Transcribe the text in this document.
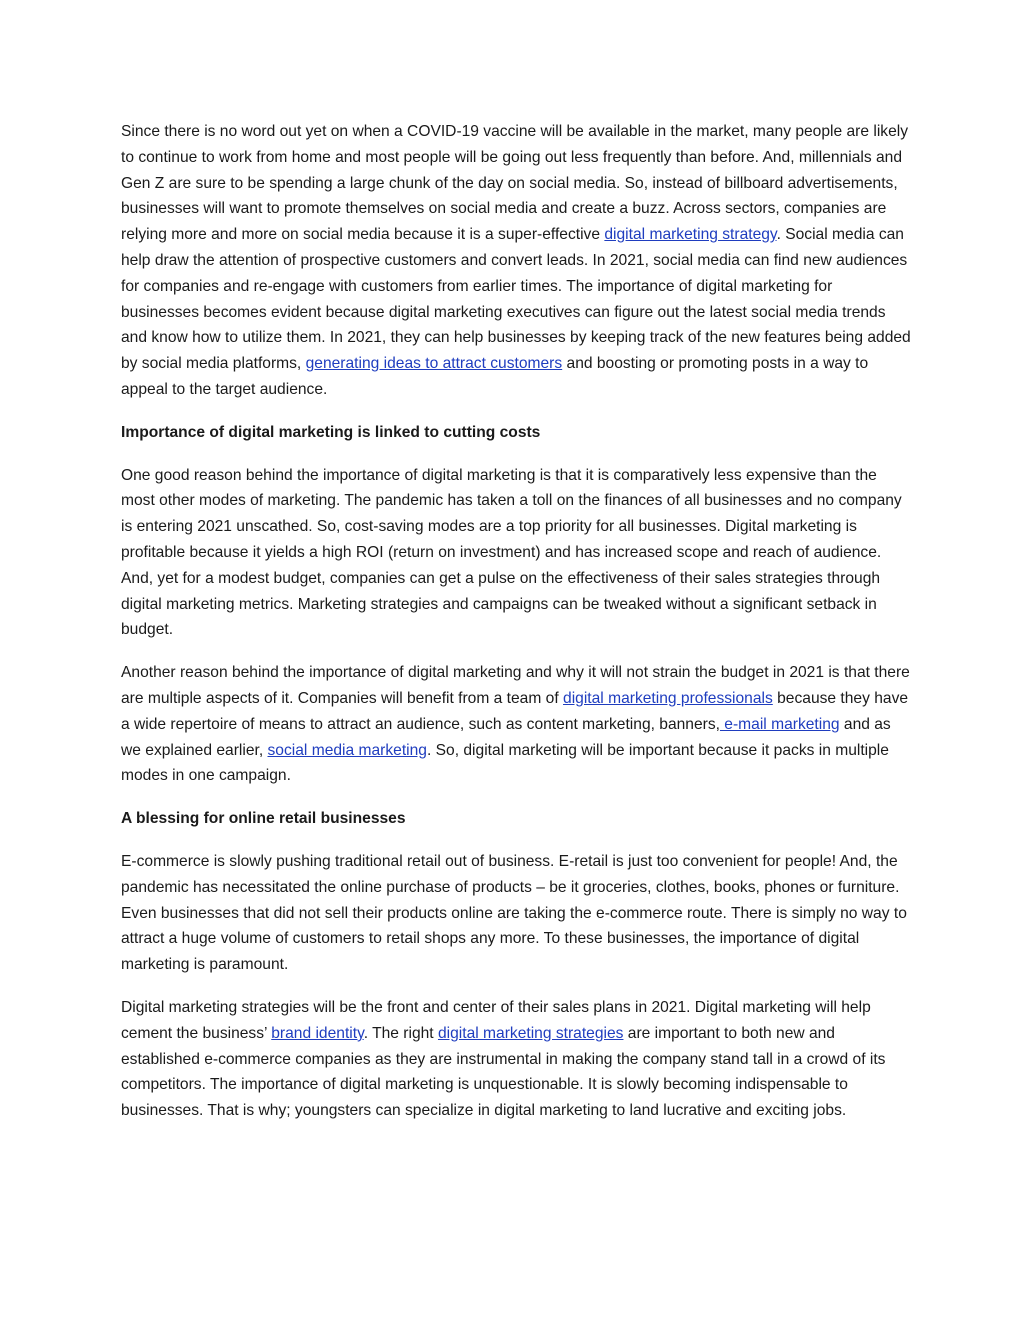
Since there is no word out yet on when a COVID-19 vaccine will be available in the market, many people are likely to continue to work from home and most people will be going out less frequently than before. And, millennials and Gen Z are sure to be spending a large chunk of the day on social media. So, instead of billboard advertisements, businesses will want to promote themselves on social media and create a buzz. Across sectors, companies are relying more and more on social media because it is a super-effective digital marketing strategy. Social media can help draw the attention of prospective customers and convert leads. In 2021, social media can find new audiences for companies and re-engage with customers from earlier times. The importance of digital marketing for businesses becomes evident because digital marketing executives can figure out the latest social media trends and know how to utilize them. In 2021, they can help businesses by keeping track of the new features being added by social media platforms, generating ideas to attract customers and boosting or promoting posts in a way to appeal to the target audience.

Importance of digital marketing is linked to cutting costs

One good reason behind the importance of digital marketing is that it is comparatively less expensive than the most other modes of marketing. The pandemic has taken a toll on the finances of all businesses and no company is entering 2021 unscathed. So, cost-saving modes are a top priority for all businesses. Digital marketing is profitable because it yields a high ROI (return on investment) and has increased scope and reach of audience. And, yet for a modest budget, companies can get a pulse on the effectiveness of their sales strategies through digital marketing metrics. Marketing strategies and campaigns can be tweaked without a significant setback in budget.

Another reason behind the importance of digital marketing and why it will not strain the budget in 2021 is that there are multiple aspects of it. Companies will benefit from a team of digital marketing professionals because they have a wide repertoire of means to attract an audience, such as content marketing, banners, e-mail marketing and as we explained earlier, social media marketing. So, digital marketing will be important because it packs in multiple modes in one campaign.

A blessing for online retail businesses

E-commerce is slowly pushing traditional retail out of business. E-retail is just too convenient for people! And, the pandemic has necessitated the online purchase of products – be it groceries, clothes, books, phones or furniture. Even businesses that did not sell their products online are taking the e-commerce route. There is simply no way to attract a huge volume of customers to retail shops any more. To these businesses, the importance of digital marketing is paramount.

Digital marketing strategies will be the front and center of their sales plans in 2021. Digital marketing will help cement the business’ brand identity. The right digital marketing strategies are important to both new and established e-commerce companies as they are instrumental in making the company stand tall in a crowd of its competitors. The importance of digital marketing is unquestionable. It is slowly becoming indispensable to businesses. That is why; youngsters can specialize in digital marketing to land lucrative and exciting jobs.
